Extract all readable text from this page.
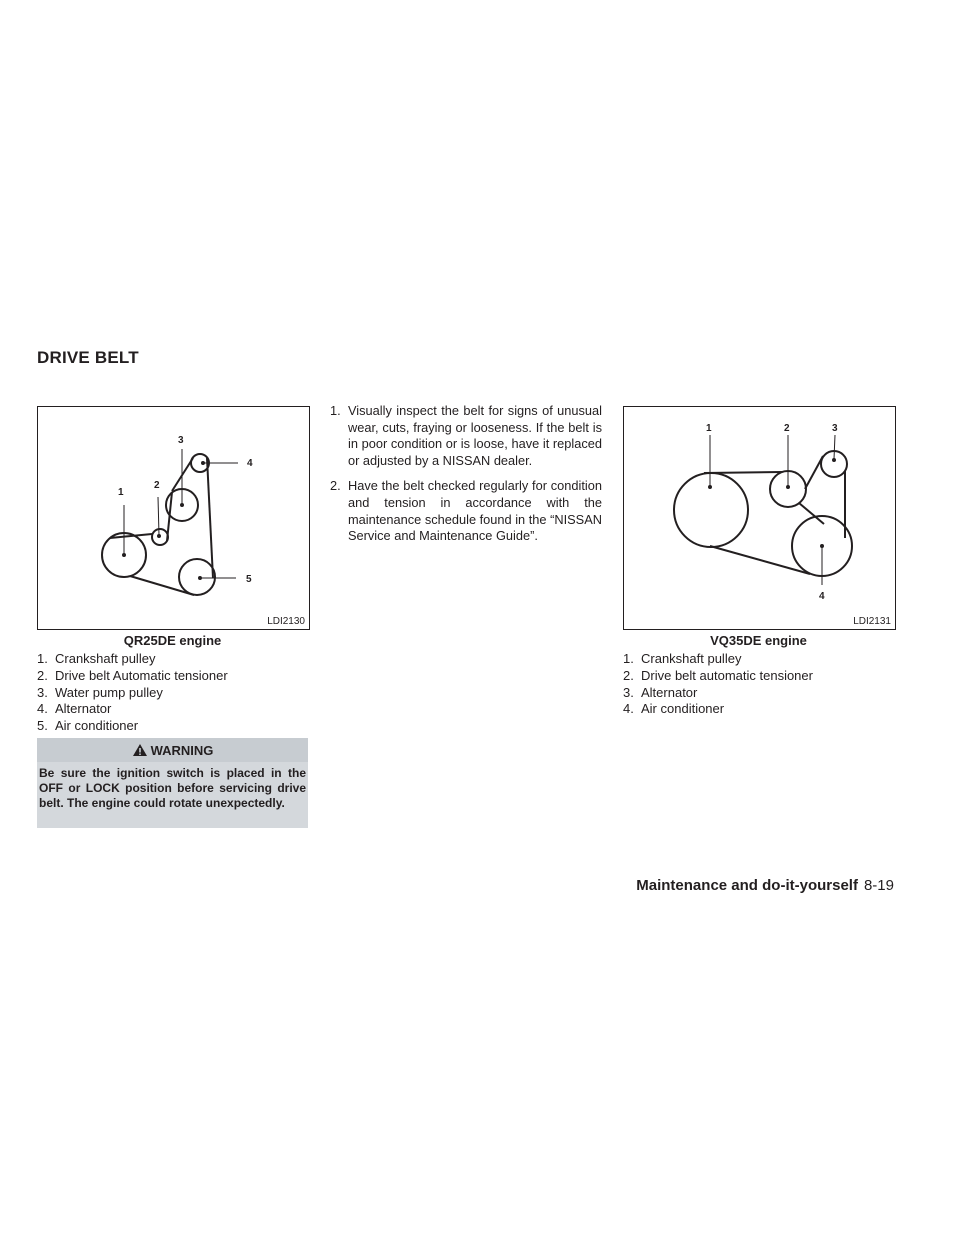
DRIVE BELT
1
2
3
4
5
LDI2130
QR25DE engine
1. Crankshaft pulley
2. Drive belt Automatic tensioner
3. Water pump pulley
4. Alternator
5. Air conditioner
WARNING
Be sure the ignition switch is placed in the OFF or LOCK position before servicing drive belt. The engine could rotate unexpectedly.
1. Visually inspect the belt for signs of unusual wear, cuts, fraying or looseness. If the belt is in poor condition or is loose, have it replaced or adjusted by a NISSAN dealer.
2. Have the belt checked regularly for condition and tension in accordance with the maintenance schedule found in the “NISSAN Service and Maintenance Guide”.
1	2	3
4
LDI2131
VQ35DE engine
1. Crankshaft pulley
2. Drive belt automatic tensioner
3. Alternator
4. Air conditioner
Maintenance and do-it-yourself 8-19
